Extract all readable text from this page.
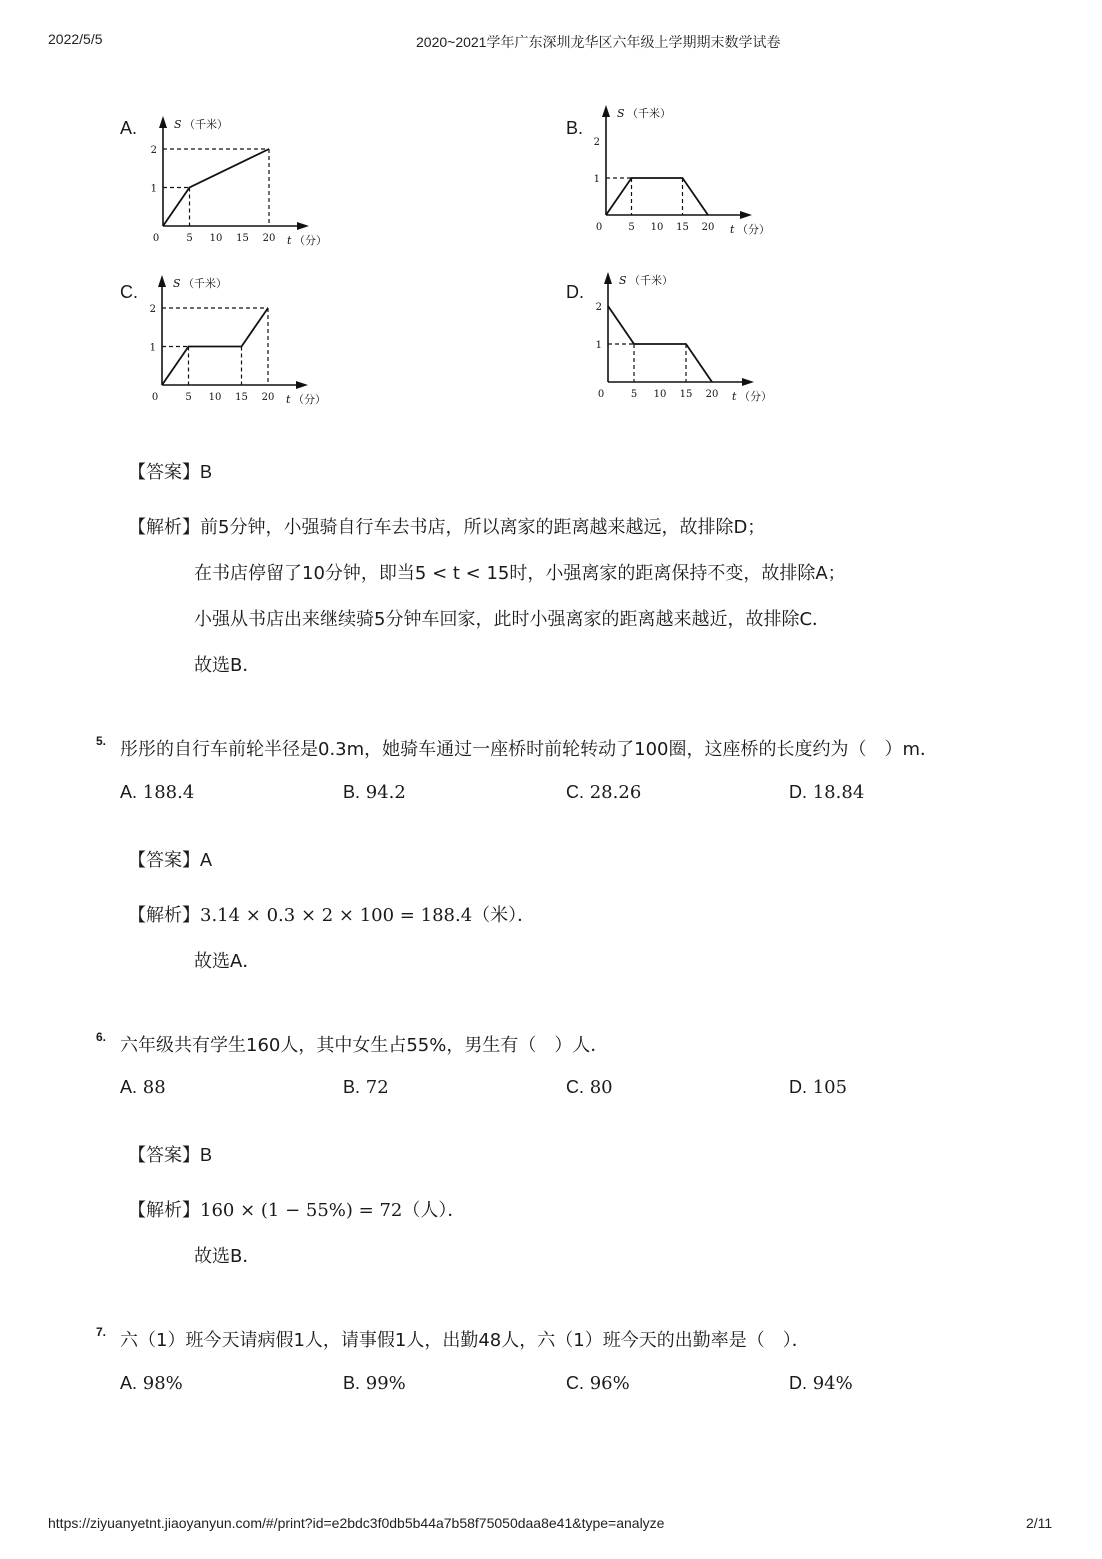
2022/5/5	2020~2021学年广东深圳龙华区六年级上学期期末数学试卷
A.	B.
C.	D.
S （千米）
t （分）
0	5 10 15 20
1
2
S （千米）
t （分）
0	5 10 15 20
1
2
S （千米）
t （分）
0	5 10 15 20
1
2
S （千米）
t （分）
0	5 10 15 20
1
2
【答案】B
【解析】前5分钟，小强骑自行车去书店，所以离家的距离越来越远，故排除D；
在书店停留了10分钟，即当5 < t < 15时，小强离家的距离保持不变，故排除A；
小强从书店出来继续骑5分钟车回家，此时小强离家的距离越来越近，故排除C．
故选B．
5. 彤彤的自行车前轮半径是0.3m，她骑车通过一座桥时前轮转动了100圈，这座桥的长度约为（　）m．
A. 188.4	B. 94.2	C. 28.26	D. 18.84
【答案】A
【解析】3.14 × 0.3 × 2 × 100 = 188.4（米）．
故选A．
6. 六年级共有学生160人，其中女生占55%，男生有（　）人．
A. 88	B. 72	C. 80	D. 105
【答案】B
【解析】160 × (1 − 55%) = 72（人）．
故选B．
7. 六（1）班今天请病假1人，请事假1人，出勤48人，六（1）班今天的出勤率是（　）．
A. 98%	B. 99%	C. 96%	D. 94%
https://ziyuanyetnt.jiaoyanyun.com/#/print?id=e2bdc3f0db5b44a7b58f75050daa8e41&type=analyze	2/11
